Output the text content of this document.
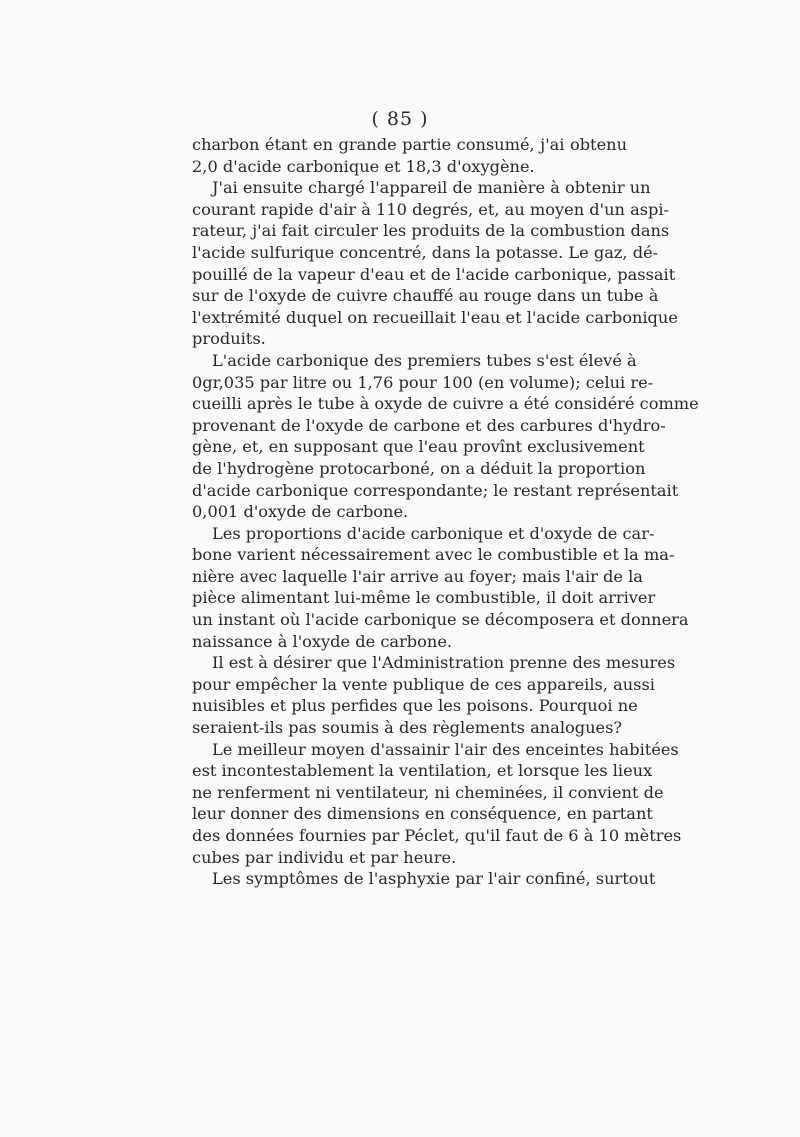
( 85 )
charbon étant en grande partie consumé, j'ai obtenu
2,0 d'acide carbonique et 18,3 d'oxygène.
J'ai ensuite chargé l'appareil de manière à obtenir un
courant rapide d'air à 110 degrés, et, au moyen d'un aspi-
rateur, j'ai fait circuler les produits de la combustion dans
l'acide sulfurique concentré, dans la potasse. Le gaz, dé-
pouillé de la vapeur d'eau et de l'acide carbonique, passait
sur de l'oxyde de cuivre chauffé au rouge dans un tube à
l'extrémité duquel on recueillait l'eau et l'acide carbonique
produits.
L'acide carbonique des premiers tubes s'est élevé à
0gr,035 par litre ou 1,76 pour 100 (en volume); celui re-
cueilli après le tube à oxyde de cuivre a été considéré comme
provenant de l'oxyde de carbone et des carbures d'hydro-
gène, et, en supposant que l'eau provînt exclusivement
de l'hydrogène protocarboné, on a déduit la proportion
d'acide carbonique correspondante; le restant représentait
0,001 d'oxyde de carbone.
Les proportions d'acide carbonique et d'oxyde de car-
bone varient nécessairement avec le combustible et la ma-
nière avec laquelle l'air arrive au foyer; mais l'air de la
pièce alimentant lui-même le combustible, il doit arriver
un instant où l'acide carbonique se décomposera et donnera
naissance à l'oxyde de carbone.
Il est à désirer que l'Administration prenne des mesures
pour empêcher la vente publique de ces appareils, aussi
nuisibles et plus perfides que les poisons. Pourquoi ne
seraient-ils pas soumis à des règlements analogues?
Le meilleur moyen d'assainir l'air des enceintes habitées
est incontestablement la ventilation, et lorsque les lieux
ne renferment ni ventilateur, ni cheminées, il convient de
leur donner des dimensions en conséquence, en partant
des données fournies par Péclet, qu'il faut de 6 à 10 mètres
cubes par individu et par heure.
Les symptômes de l'asphyxie par l'air confiné, surtout
